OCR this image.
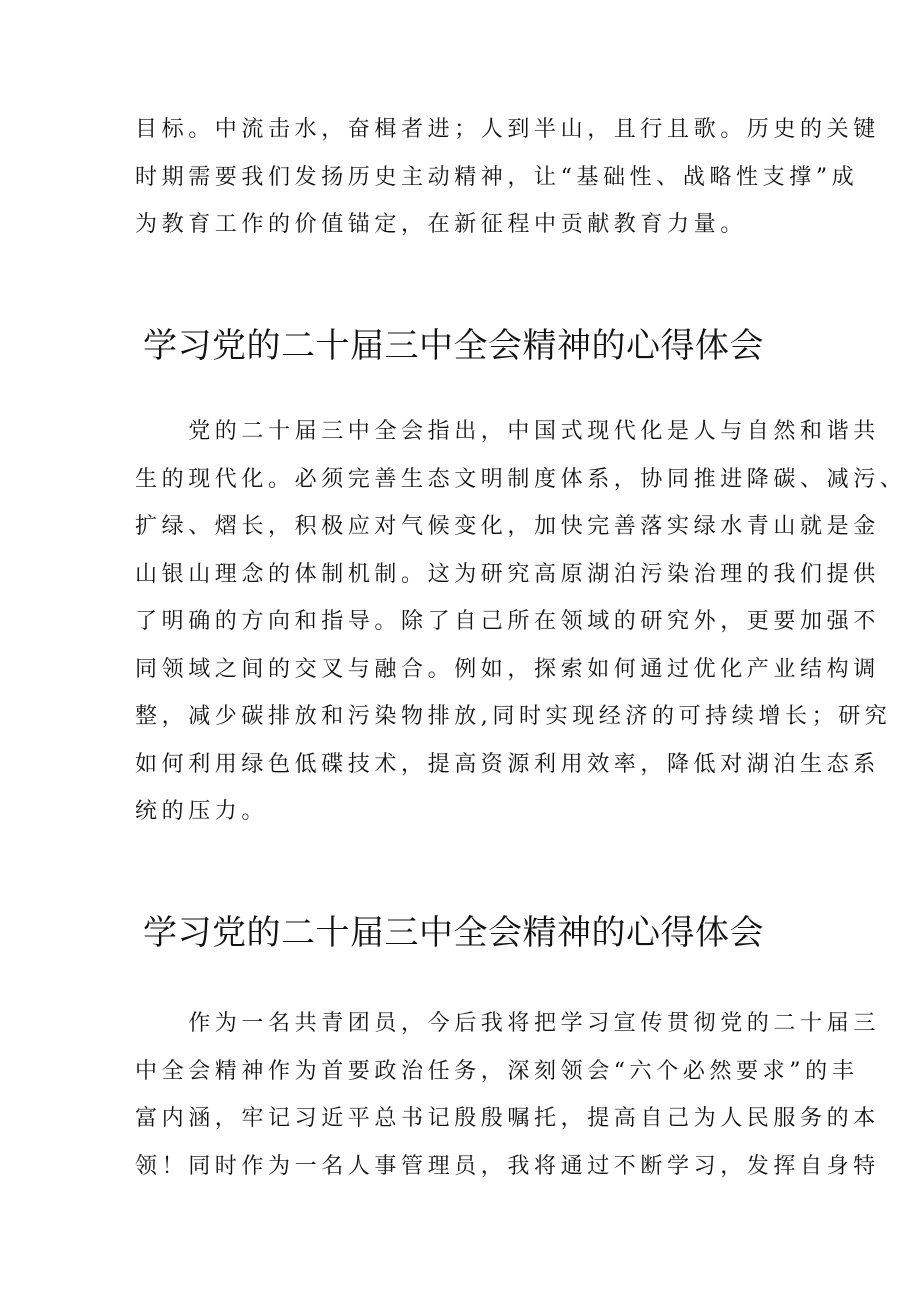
目标。中流击水，奋楫者进；人到半山，且行且歌。历史的关键
时期需要我们发扬历史主动精神，让“基础性、战略性支撑”成
为教育工作的价值锚定，在新征程中贡献教育力量。
学习党的二十届三中全会精神的心得体会
　　党的二十届三中全会指出，中国式现代化是人与自然和谐共
生的现代化。必须完善生态文明制度体系，协同推进降碳、减污、
扩绿、熠长，积极应对气候变化，加快完善落实绿水青山就是金
山银山理念的体制机制。这为研究高原湖泊污染治理的我们提供
了明确的方向和指导。除了自己所在领域的研究外，更要加强不
同领域之间的交叉与融合。例如，探索如何通过优化产业结构调
整，减少碳排放和污染物排放,同时实现经济的可持续增长；研究
如何利用绿色低碟技术，提高资源利用效率，降低对湖泊生态系
统的压力。
学习党的二十届三中全会精神的心得体会
　　作为一名共青团员，今后我将把学习宣传贯彻党的二十届三
中全会精神作为首要政治任务，深刻领会“六个必然要求”的丰
富内涵，牢记习近平总书记殷殷嘱托，提高自己为人民服务的本
领！同时作为一名人事管理员，我将通过不断学习，发挥自身特
